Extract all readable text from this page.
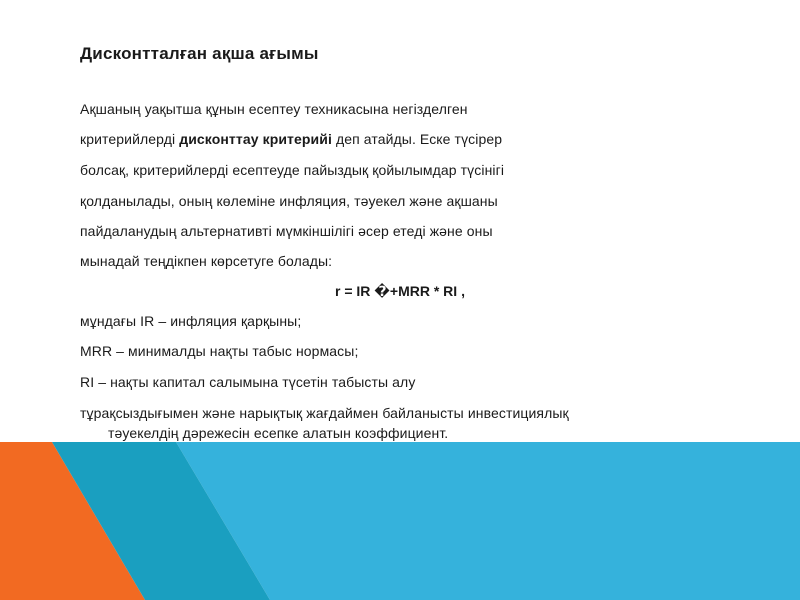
Дисконтталған ақша ағымы
Ақшаның уақытша құнын есептеу техникасына негізделген
критерийлерді дисконттау критерийі деп атайды. Еске түсірер
болсақ, критерийлерді есептеуде пайыздық қойылымдар түсінігі
қолданылады, оның көлеміне инфляция, тәуекел және ақшаны
пайдаланудың альтернативті мүмкіншілігі әсер етеді және оны
мынадай теңдікпен көрсетуге болады:
r = IR �+MRR * RI ,
мұндағы IR – инфляция қарқыны;
MRR – минималды нақты табыс нормасы;
RI – нақты капитал салымына түсетін табысты алу
тұрақсыздығымен және нарықтық жағдаймен байланысты инвестициялық
тәуекелдің дәрежесін есепке алатын коэффициент.
